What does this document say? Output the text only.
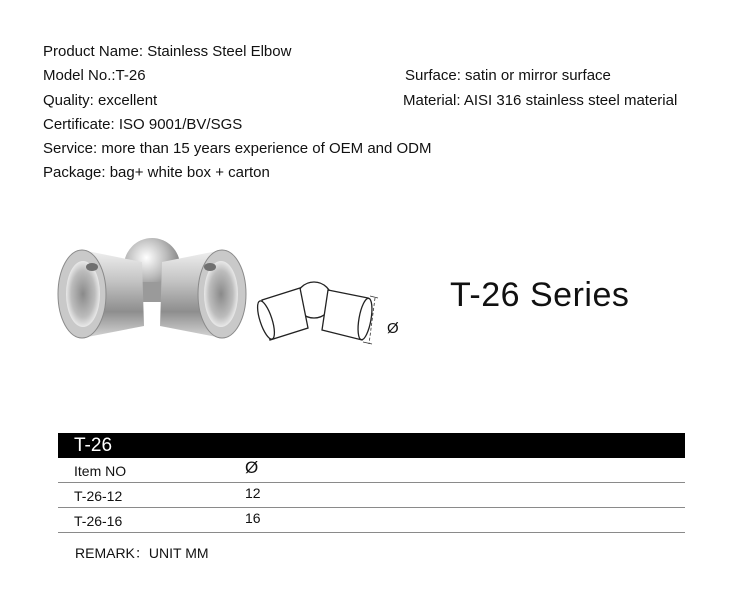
Product Name: Stainless Steel Elbow
Model No.:T-26	Surface: satin or mirror surface
Quality: excellent	Material: AISI 316 stainless steel material
Certificate: ISO 9001/BV/SGS
Service: more than 15 years experience of OEM and ODM
Package: bag+ white box + carton
Ø
T-26 Series
T-26
Item NO	Ø
T-26-12	12
T-26-16	16
REMARK：UNIT MM
